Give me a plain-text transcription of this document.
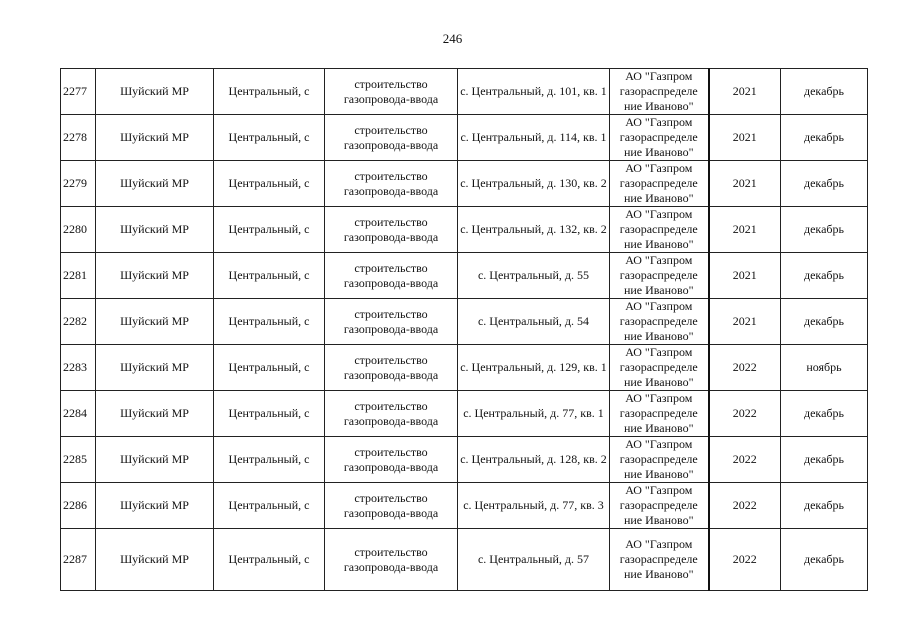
246
2277	Шуйский МР	Центральный, с	строительство газопровода-ввода	с. Центральный, д. 101, кв. 1	АО "Газпром газораспределе ние Иваново"	2021	декабрь
2278	Шуйский МР	Центральный, с	строительство газопровода-ввода	с. Центральный, д. 114, кв. 1	АО "Газпром газораспределе ние Иваново"	2021	декабрь
2279	Шуйский МР	Центральный, с	строительство газопровода-ввода	с. Центральный, д. 130, кв. 2	АО "Газпром газораспределе ние Иваново"	2021	декабрь
2280	Шуйский МР	Центральный, с	строительство газопровода-ввода	с. Центральный, д. 132, кв. 2	АО "Газпром газораспределе ние Иваново"	2021	декабрь
2281	Шуйский МР	Центральный, с	строительство газопровода-ввода	с. Центральный, д. 55	АО "Газпром газораспределе ние Иваново"	2021	декабрь
2282	Шуйский МР	Центральный, с	строительство газопровода-ввода	с. Центральный, д. 54	АО "Газпром газораспределе ние Иваново"	2021	декабрь
2283	Шуйский МР	Центральный, с	строительство газопровода-ввода	с. Центральный, д. 129, кв. 1	АО "Газпром газораспределе ние Иваново"	2022	ноябрь
2284	Шуйский МР	Центральный, с	строительство газопровода-ввода	с. Центральный, д. 77, кв. 1	АО "Газпром газораспределе ние Иваново"	2022	декабрь
2285	Шуйский МР	Центральный, с	строительство газопровода-ввода	с. Центральный, д. 128, кв. 2	АО "Газпром газораспределе ние Иваново"	2022	декабрь
2286	Шуйский МР	Центральный, с	строительство газопровода-ввода	с. Центральный, д. 77, кв. 3	АО "Газпром газораспределе ние Иваново"	2022	декабрь
2287	Шуйский МР	Центральный, с	строительство газопровода-ввода	с. Центральный, д. 57	АО "Газпром газораспределе ние Иваново"	2022	декабрь
